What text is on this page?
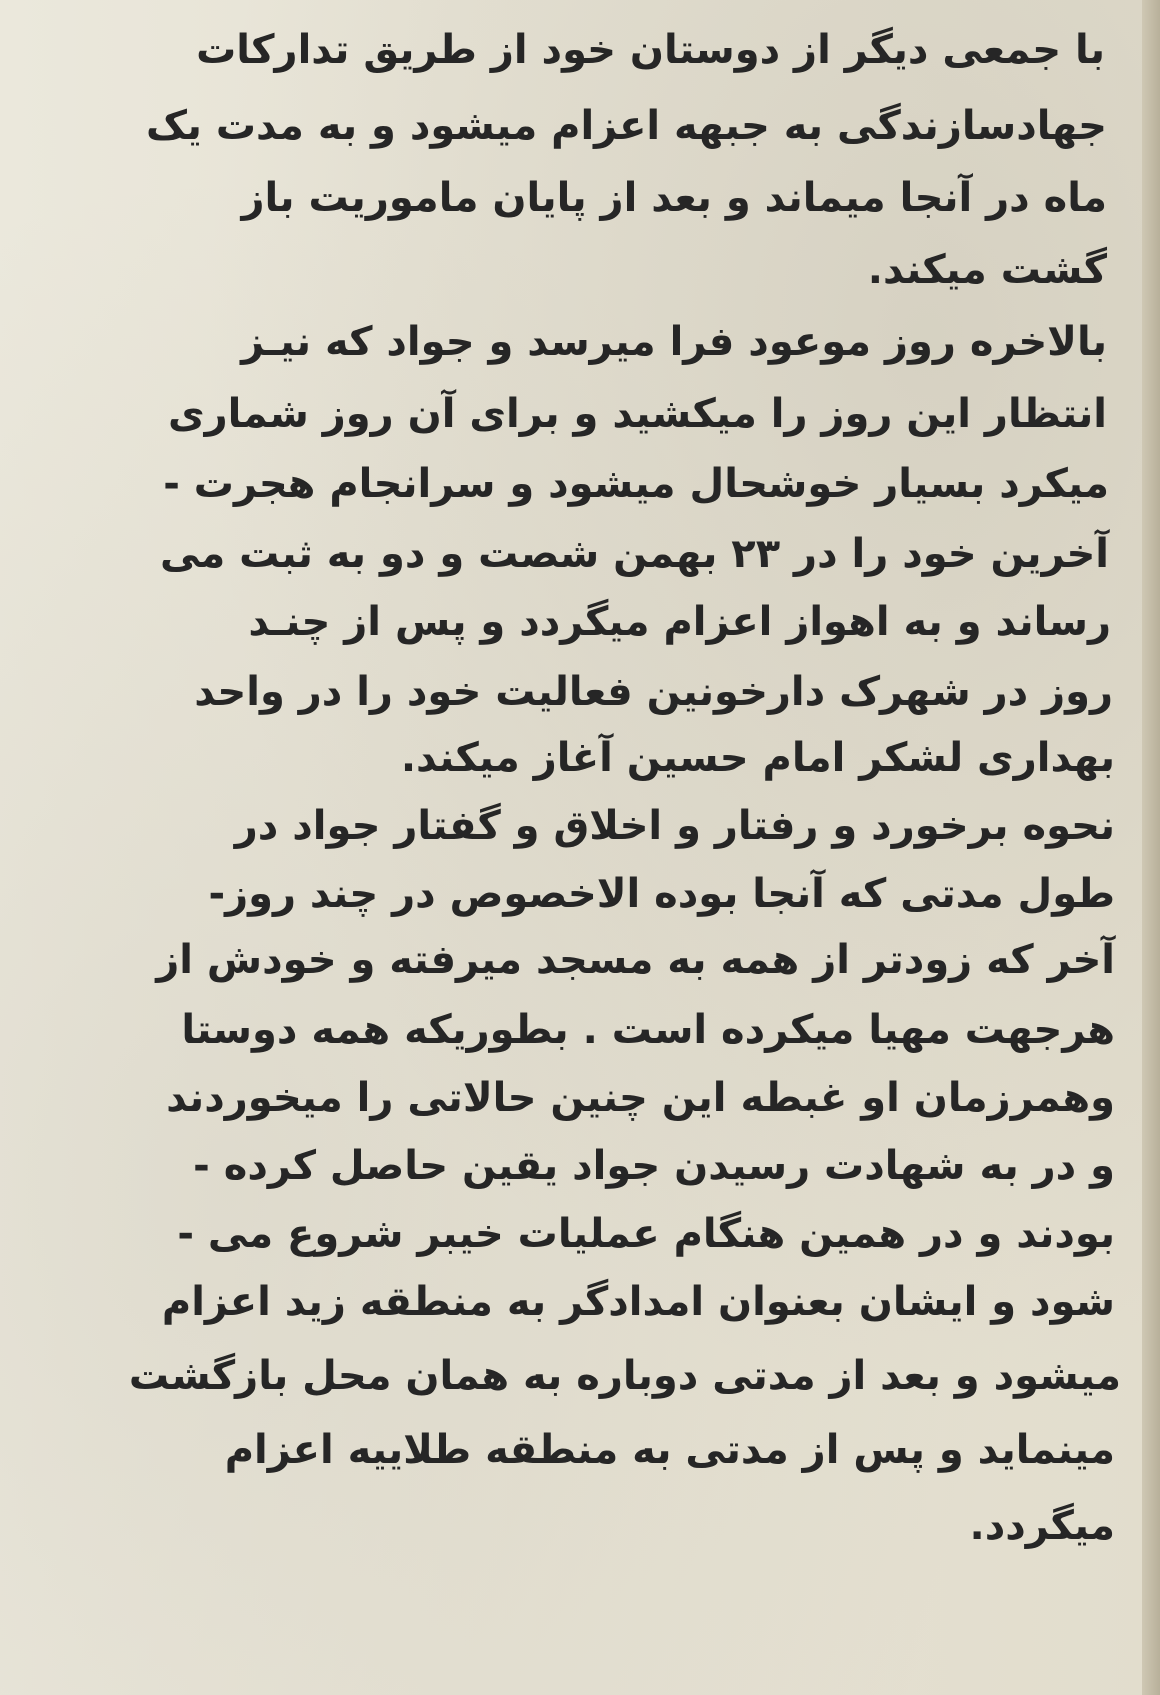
با جمعی دیگر از دوستان خود از طریق تدارکات

جهادسازندگی به جبهه اعزام میشود و به مدت یک

ماه در آنجا میماند و بعد از پایان ماموریت باز

گشت میکند.

بالاخره روز موعود فرا میرسد و جواد که نیـز

انتظار این روز را میکشید و برای آن روز شماری

میکرد بسیار خوشحال میشود و سرانجام هجرت -

آخرین خود را در ۲۳ بهمن شصت و دو به ثبت می

رساند و به اهواز اعزام میگردد و پس از چنـد

روز در شهرک دارخونین فعالیت خود را در واحد

بهداری لشکر امام حسین آغاز میکند.

نحوه برخورد و رفتار و اخلاق و گفتار جواد در

طول مدتی که آنجا بوده الاخصوص در چند روز-

آخر که زودتر از همه به مسجد میرفته و خودش از

هرجهت مهیا میکرده است . بطوریکه همه دوستا

وهمرزمان او غبطه این چنین حالاتی را میخوردند

و در به شهادت رسیدن جواد یقین حاصل کرده -

بودند و در همین هنگام عملیات خیبر شروع می -

شود و ایشان بعنوان امدادگر به منطقه زید اعزام

میشود و بعد از مدتی دوباره به همان محل بازگشت

مینماید و پس از مدتی به منطقه طلاییه اعزام

میگردد.
